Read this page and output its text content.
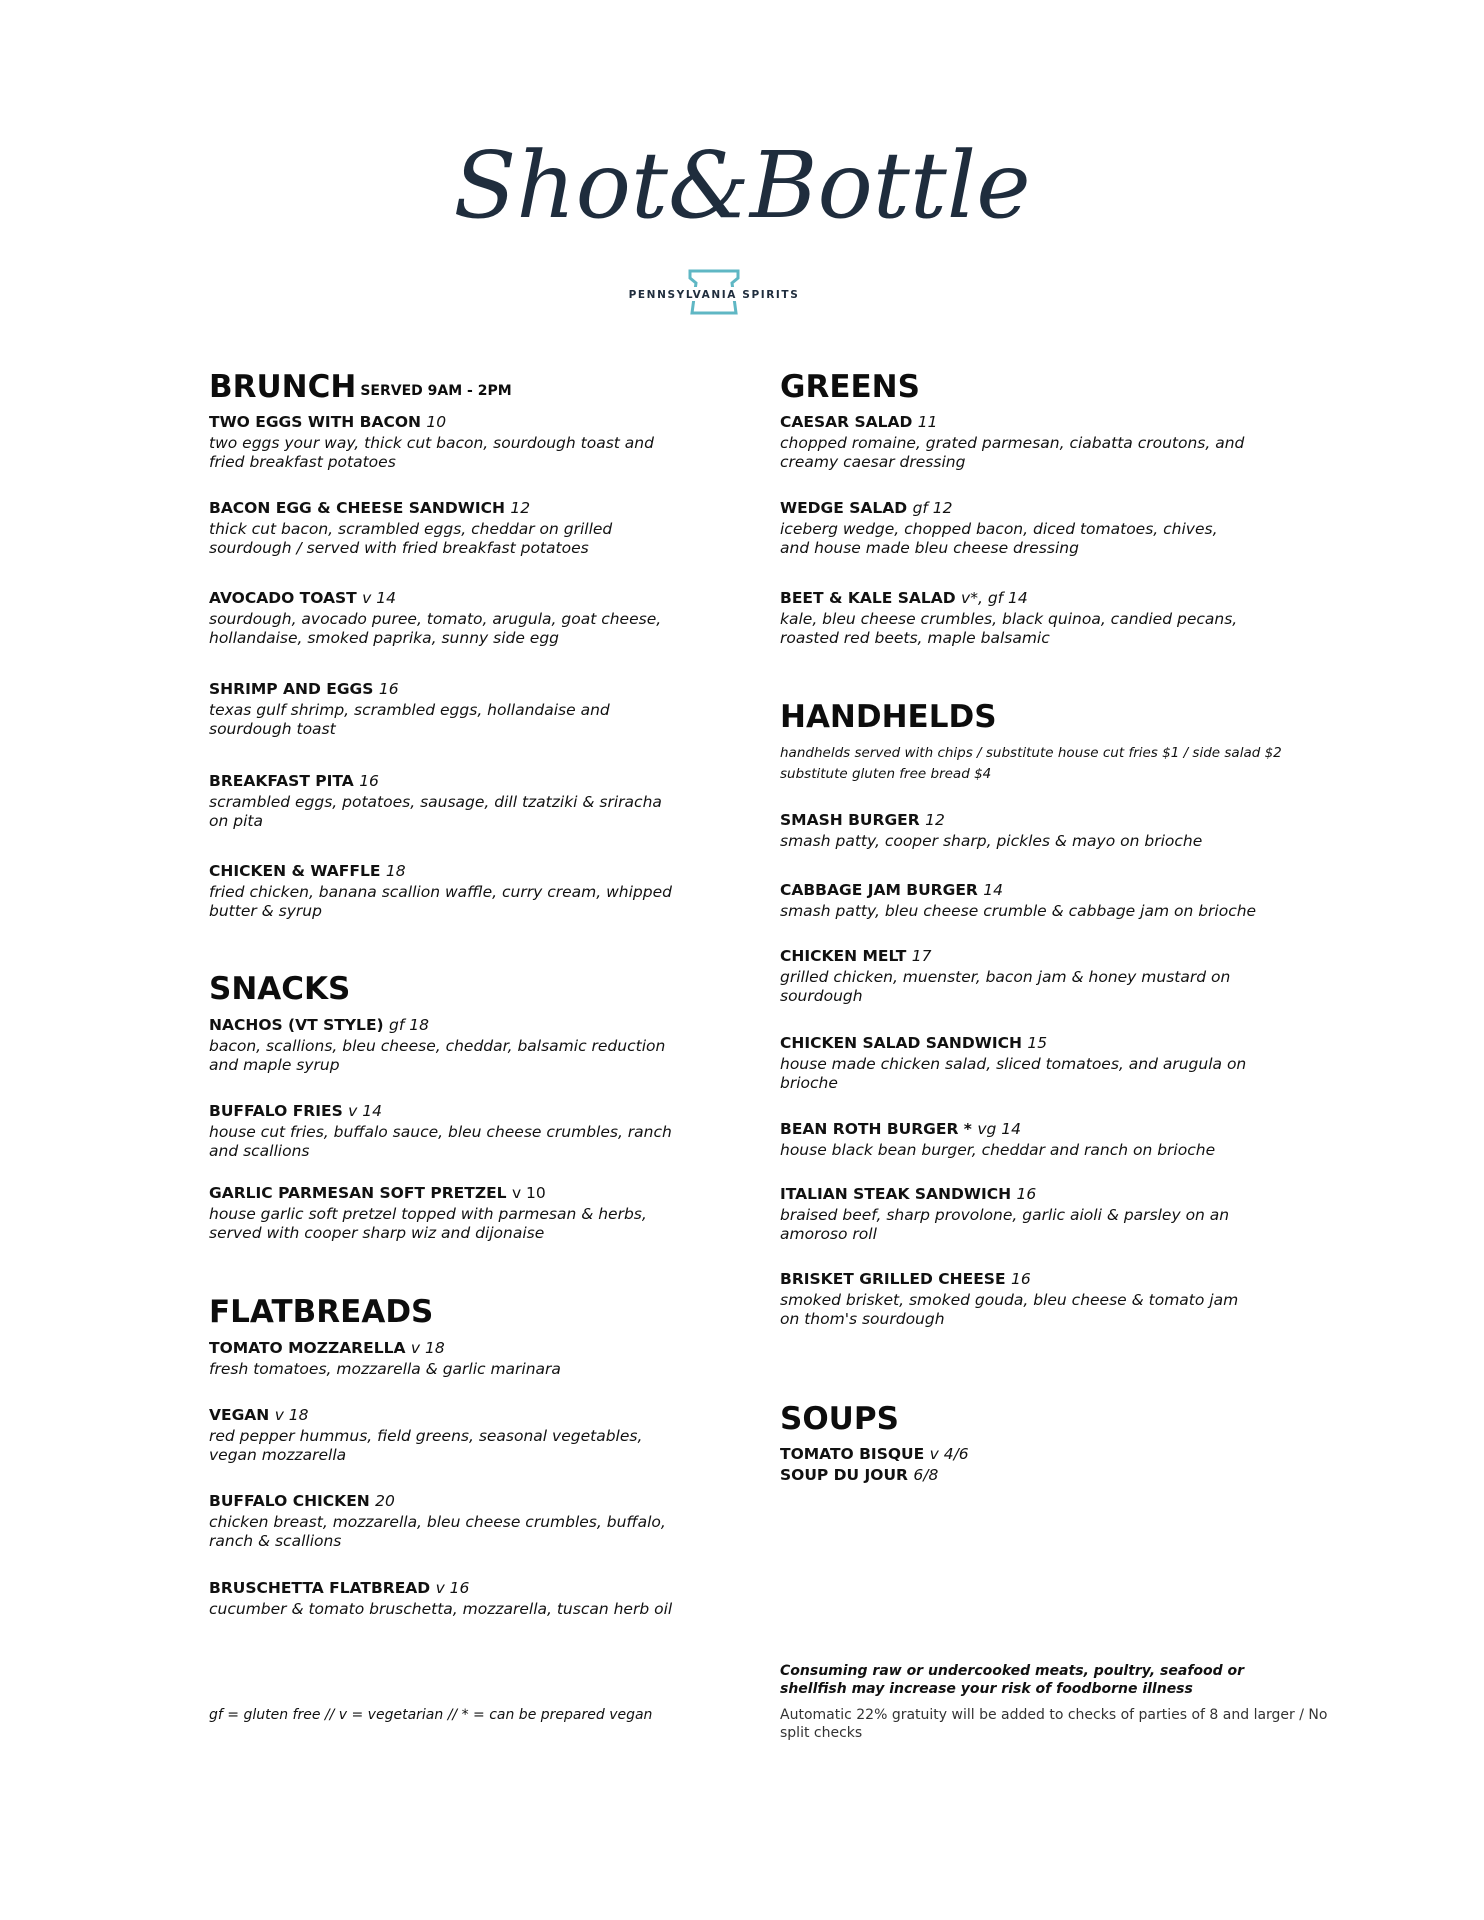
Shot&Bottle
PENNSYLVANIA SPIRITS
BRUNCH SERVED 9AM - 2PM
TWO EGGS WITH BACON 10
two eggs your way, thick cut bacon, sourdough toast and fried breakfast potatoes
BACON EGG & CHEESE SANDWICH 12
thick cut bacon, scrambled eggs, cheddar on grilled sourdough / served with fried breakfast potatoes
AVOCADO TOAST v 14
sourdough, avocado puree, tomato, arugula, goat cheese, hollandaise, smoked paprika, sunny side egg
SHRIMP AND EGGS 16
texas gulf shrimp, scrambled eggs, hollandaise and sourdough toast
BREAKFAST PITA 16
scrambled eggs, potatoes, sausage, dill tzatziki & sriracha on pita
CHICKEN & WAFFLE 18
fried chicken, banana scallion waffle, curry cream, whipped butter & syrup
SNACKS
NACHOS (VT STYLE) gf 18
bacon, scallions, bleu cheese, cheddar, balsamic reduction and maple syrup
BUFFALO FRIES v 14
house cut fries, buffalo sauce, bleu cheese crumbles, ranch and scallions
GARLIC PARMESAN SOFT PRETZEL v 10
house garlic soft pretzel topped with parmesan & herbs, served with cooper sharp wiz and dijonaise
FLATBREADS
TOMATO MOZZARELLA v 18
fresh tomatoes, mozzarella & garlic marinara
VEGAN v 18
red pepper hummus, field greens, seasonal vegetables, vegan mozzarella
BUFFALO CHICKEN 20
chicken breast, mozzarella, bleu cheese crumbles, buffalo, ranch & scallions
BRUSCHETTA FLATBREAD v 16
cucumber & tomato bruschetta, mozzarella, tuscan herb oil
gf = gluten free // v = vegetarian // * = can be prepared vegan
GREENS
CAESAR SALAD 11
chopped romaine, grated parmesan, ciabatta croutons, and creamy caesar dressing
WEDGE SALAD gf 12
iceberg wedge, chopped bacon, diced tomatoes, chives, and house made bleu cheese dressing
BEET & KALE SALAD v*, gf 14
kale, bleu cheese crumbles, black quinoa, candied pecans, roasted red beets, maple balsamic
HANDHELDS
handhelds served with chips / substitute house cut fries $1 / side salad $2
substitute gluten free bread $4
SMASH BURGER 12
smash patty, cooper sharp, pickles & mayo on brioche
CABBAGE JAM BURGER 14
smash patty, bleu cheese crumble & cabbage jam on brioche
CHICKEN MELT 17
grilled chicken, muenster, bacon jam & honey mustard on sourdough
CHICKEN SALAD SANDWICH 15
house made chicken salad, sliced tomatoes, and arugula on brioche
BEAN ROTH BURGER * vg 14
house black bean burger, cheddar and ranch on brioche
ITALIAN STEAK SANDWICH 16
braised beef, sharp provolone, garlic aioli & parsley on an amoroso roll
BRISKET GRILLED CHEESE 16
smoked brisket, smoked gouda, bleu cheese & tomato jam on thom's sourdough
SOUPS
TOMATO BISQUE v 4/6
SOUP DU JOUR 6/8
Consuming raw or undercooked meats, poultry, seafood or shellfish may increase your risk of foodborne illness
Automatic 22% gratuity will be added to checks of parties of 8 and larger / No split checks
